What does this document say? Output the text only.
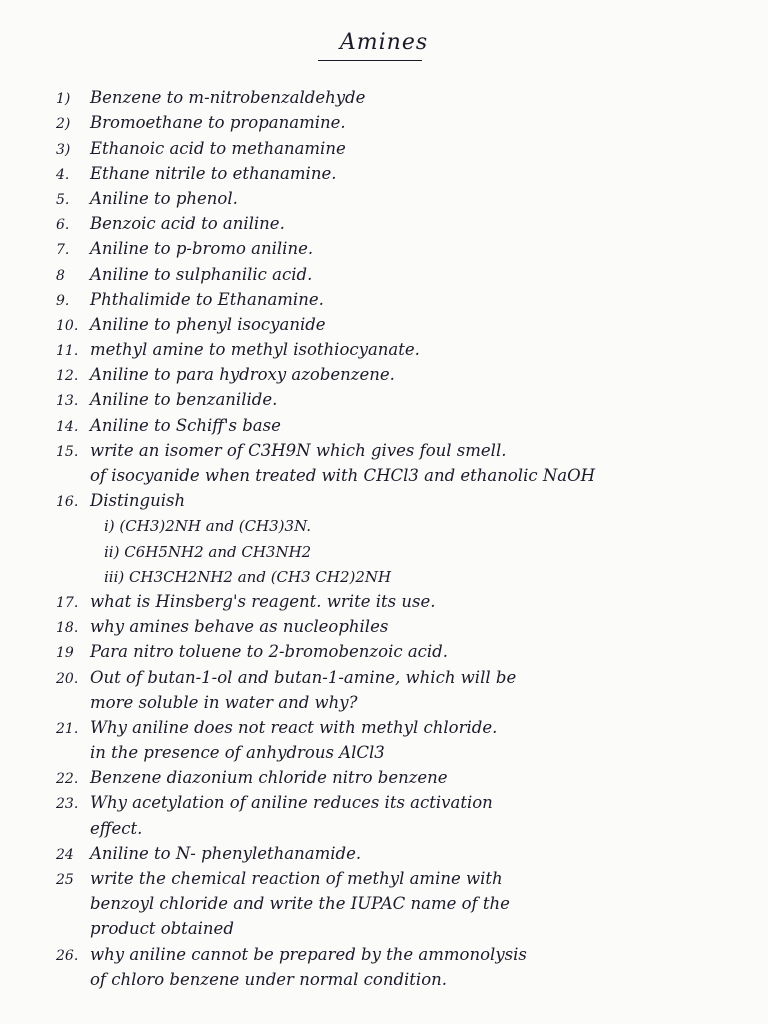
Amines
1)	Benzene to m-nitrobenzaldehyde
2)	Bromoethane to propanamine.
3)	Ethanoic acid to methanamine
4.	Ethane nitrile to ethanamine.
5.	Aniline to phenol.
6.	Benzoic acid to aniline.
7.	Aniline to p-bromo aniline.
8	Aniline to sulphanilic acid.
9.	Phthalimide to Ethanamine.
10. Aniline to phenyl isocyanide
11. methyl amine to methyl isothiocyanate.
12. Aniline to para hydroxy azobenzene.
13. Aniline to benzanilide.
14. Aniline to Schiff's base
15. write an isomer of C3H9N which gives foul smell.
of isocyanide when treated with CHCl3 and ethanolic NaOH
16. Distinguish
i) (CH3)2NH and (CH3)3N.
ii) C6H5NH2 and CH3NH2
iii) CH3CH2NH2 and (CH3 CH2)2NH
17. what is Hinsberg's reagent. write its use.
18. why amines behave as nucleophiles
19 Para nitro toluene to 2-bromobenzoic acid.
20. Out of butan-1-ol and butan-1-amine, which will be
more soluble in water and why?
21. Why aniline does not react with methyl chloride.
in the presence of anhydrous AlCl3
22. Benzene diazonium chloride nitro benzene
23. Why acetylation of aniline reduces its activation
effect.
24 Aniline to N- phenylethanamide.
25 write the chemical reaction of methyl amine with
benzoyl chloride and write the IUPAC name of the
product obtained
26. why aniline cannot be prepared by the ammonolysis
of chloro benzene under normal condition.
